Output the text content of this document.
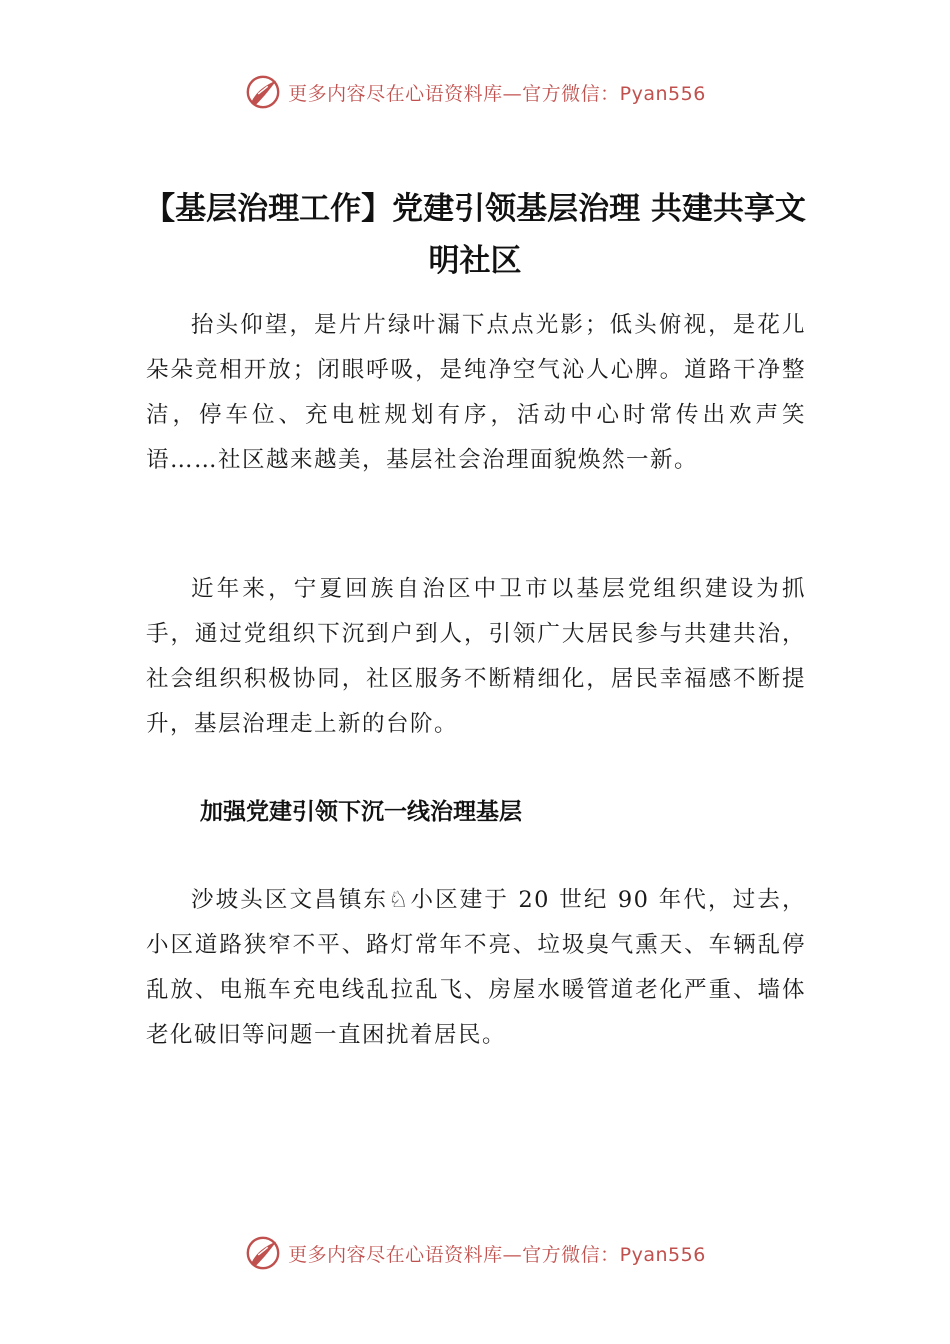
更多内容尽在心语资料库—官方微信：Pyan556
【基层治理工作】党建引领基层治理 共建共享文明社区

抬头仰望，是片片绿叶漏下点点光影；低头俯视，是花儿朵朵竞相开放；闭眼呼吸，是纯净空气沁人心脾。道路干净整洁，停车位、充电桩规划有序，活动中心时常传出欢声笑语……社区越来越美，基层社会治理面貌焕然一新。

近年来，宁夏回族自治区中卫市以基层党组织建设为抓手，通过党组织下沉到户到人，引领广大居民参与共建共治，社会组织积极协同，社区服务不断精细化，居民幸福感不断提升，基层治理走上新的台阶。

加强党建引领下沉一线治理基层

沙坡头区文昌镇东♘小区建于 20 世纪 90 年代，过去，小区道路狭窄不平、路灯常年不亮、垃圾臭气熏天、车辆乱停乱放、电瓶车充电线乱拉乱飞、房屋水暖管道老化严重、墙体老化破旧等问题一直困扰着居民。

更多内容尽在心语资料库—官方微信：Pyan556
